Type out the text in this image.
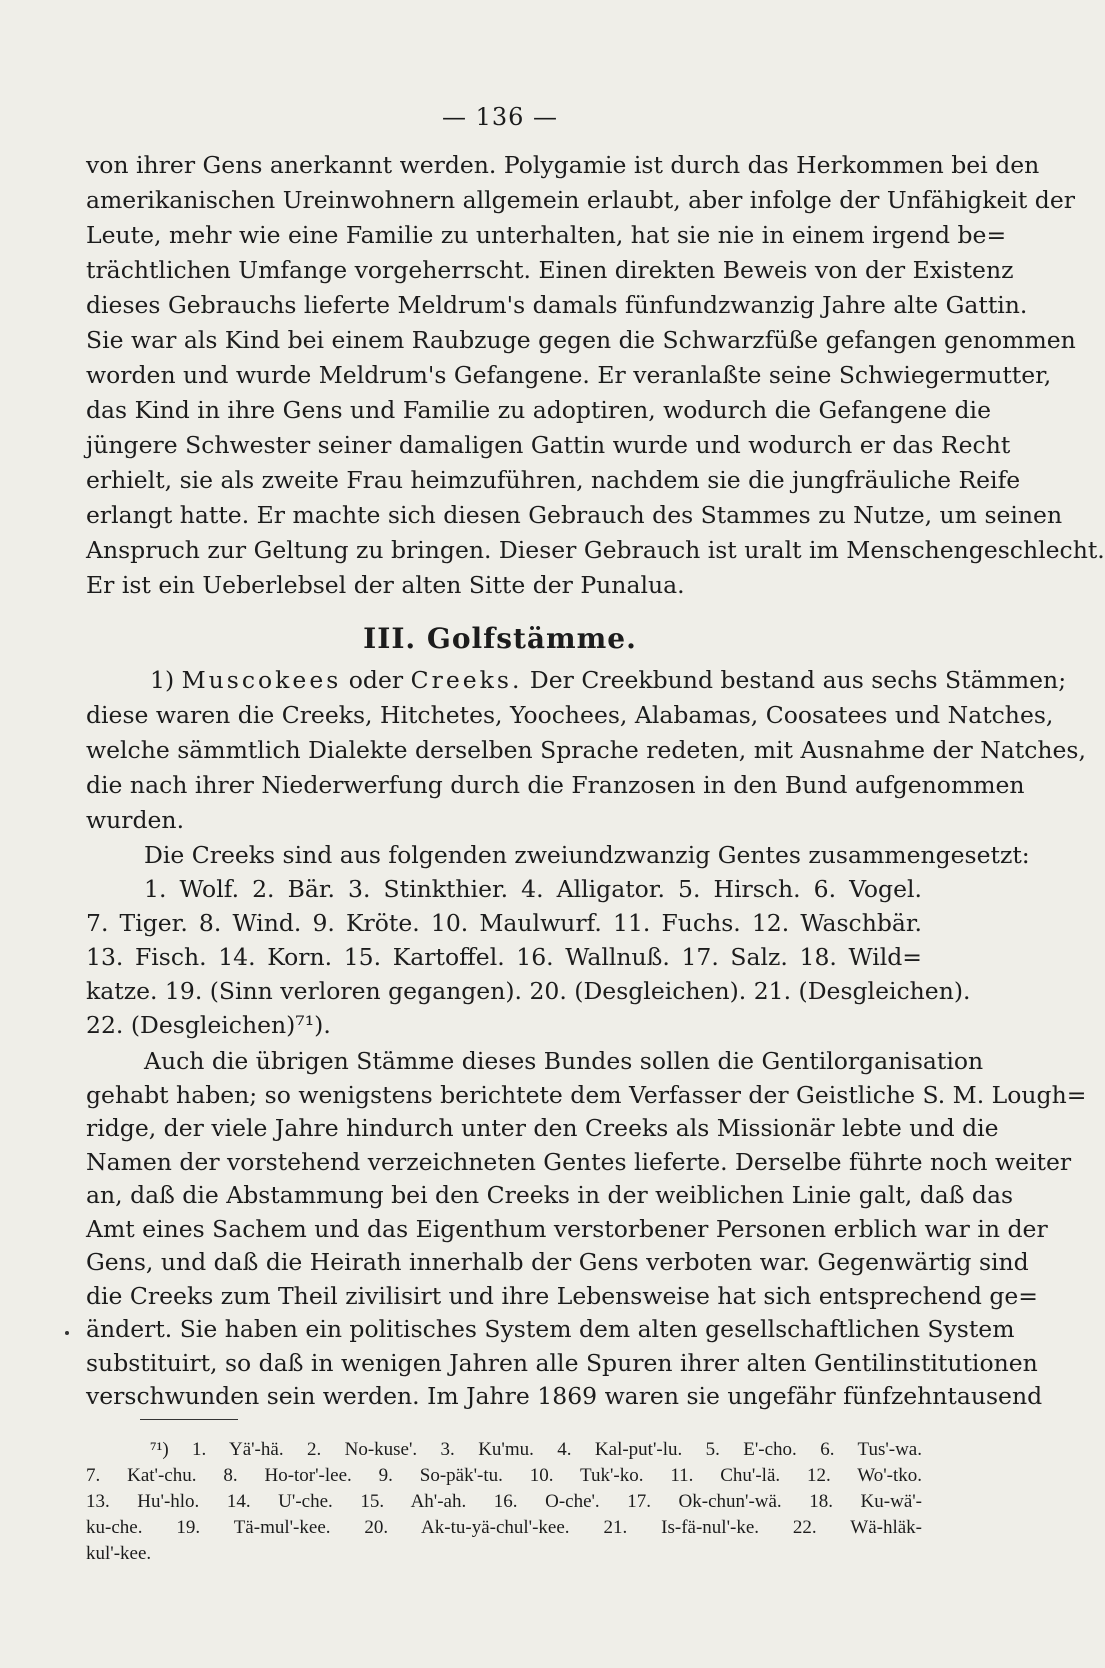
— 136 —
von ihrer Gens anerkannt werden. Polygamie ist durch das Herkommen bei den
amerikanischen Ureinwohnern allgemein erlaubt, aber infolge der Unfähigkeit der
Leute, mehr wie eine Familie zu unterhalten, hat sie nie in einem irgend be=
trächtlichen Umfange vorgeherrscht. Einen direkten Beweis von der Existenz
dieses Gebrauchs lieferte Meldrum's damals fünfundzwanzig Jahre alte Gattin.
Sie war als Kind bei einem Raubzuge gegen die Schwarzfüße gefangen genommen
worden und wurde Meldrum's Gefangene. Er veranlaßte seine Schwiegermutter,
das Kind in ihre Gens und Familie zu adoptiren, wodurch die Gefangene die
jüngere Schwester seiner damaligen Gattin wurde und wodurch er das Recht
erhielt, sie als zweite Frau heimzuführen, nachdem sie die jungfräuliche Reife
erlangt hatte. Er machte sich diesen Gebrauch des Stammes zu Nutze, um seinen
Anspruch zur Geltung zu bringen. Dieser Gebrauch ist uralt im Menschengeschlecht.
Er ist ein Ueberlebsel der alten Sitte der Punalua.
III. Golfstämme.
1) Muscokees oder Creeks. Der Creekbund bestand aus sechs Stämmen;
diese waren die Creeks, Hitchetes, Yoochees, Alabamas, Coosatees und Natches,
welche sämmtlich Dialekte derselben Sprache redeten, mit Ausnahme der Natches,
die nach ihrer Niederwerfung durch die Franzosen in den Bund aufgenommen
wurden.
Die Creeks sind aus folgenden zweiundzwanzig Gentes zusammengesetzt:
1. Wolf. 2. Bär. 3. Stinkthier. 4. Alligator. 5. Hirsch. 6. Vogel.
7. Tiger. 8. Wind. 9. Kröte. 10. Maulwurf. 11. Fuchs. 12. Waschbär.
13. Fisch. 14. Korn. 15. Kartoffel. 16. Wallnuß. 17. Salz. 18. Wild=
katze. 19. (Sinn verloren gegangen). 20. (Desgleichen). 21. (Desgleichen).
22. (Desgleichen)⁷¹).
Auch die übrigen Stämme dieses Bundes sollen die Gentilorganisation
⁷¹) 1. Yä'-hä. 2. No-kuse'. 3. Ku'mu. 4. Kal-put'-lu. 5. E'-cho. 6. Tus'-wa.
7. Kat'-chu. 8. Ho-tor'-lee. 9. So-päk'-tu. 10. Tuk'-ko. 11. Chu'-lä. 12. Wo'-tko.
13. Hu'-hlo. 14. U'-che. 15. Ah'-ah. 16. O-che'. 17. Ok-chun'-wä. 18. Ku-wä'-
ku-che. 19. Tä-mul'-kee. 20. Ak-tu-yä-chul'-kee. 21. Is-fä-nul'-ke. 22. Wä-hläk-
kul'-kee.
gehabt haben; so wenigstens berichtete dem Verfasser der Geistliche S. M. Lough=
ridge, der viele Jahre hindurch unter den Creeks als Missionär lebte und die
Namen der vorstehend verzeichneten Gentes lieferte. Derselbe führte noch weiter
an, daß die Abstammung bei den Creeks in der weiblichen Linie galt, daß das
Amt eines Sachem und das Eigenthum verstorbener Personen erblich war in der
Gens, und daß die Heirath innerhalb der Gens verboten war. Gegenwärtig sind
die Creeks zum Theil zivilisirt und ihre Lebensweise hat sich entsprechend ge=
ändert. Sie haben ein politisches System dem alten gesellschaftlichen System
substituirt, so daß in wenigen Jahren alle Spuren ihrer alten Gentilinstitutionen
verschwunden sein werden. Im Jahre 1869 waren sie ungefähr fünfzehntausend
